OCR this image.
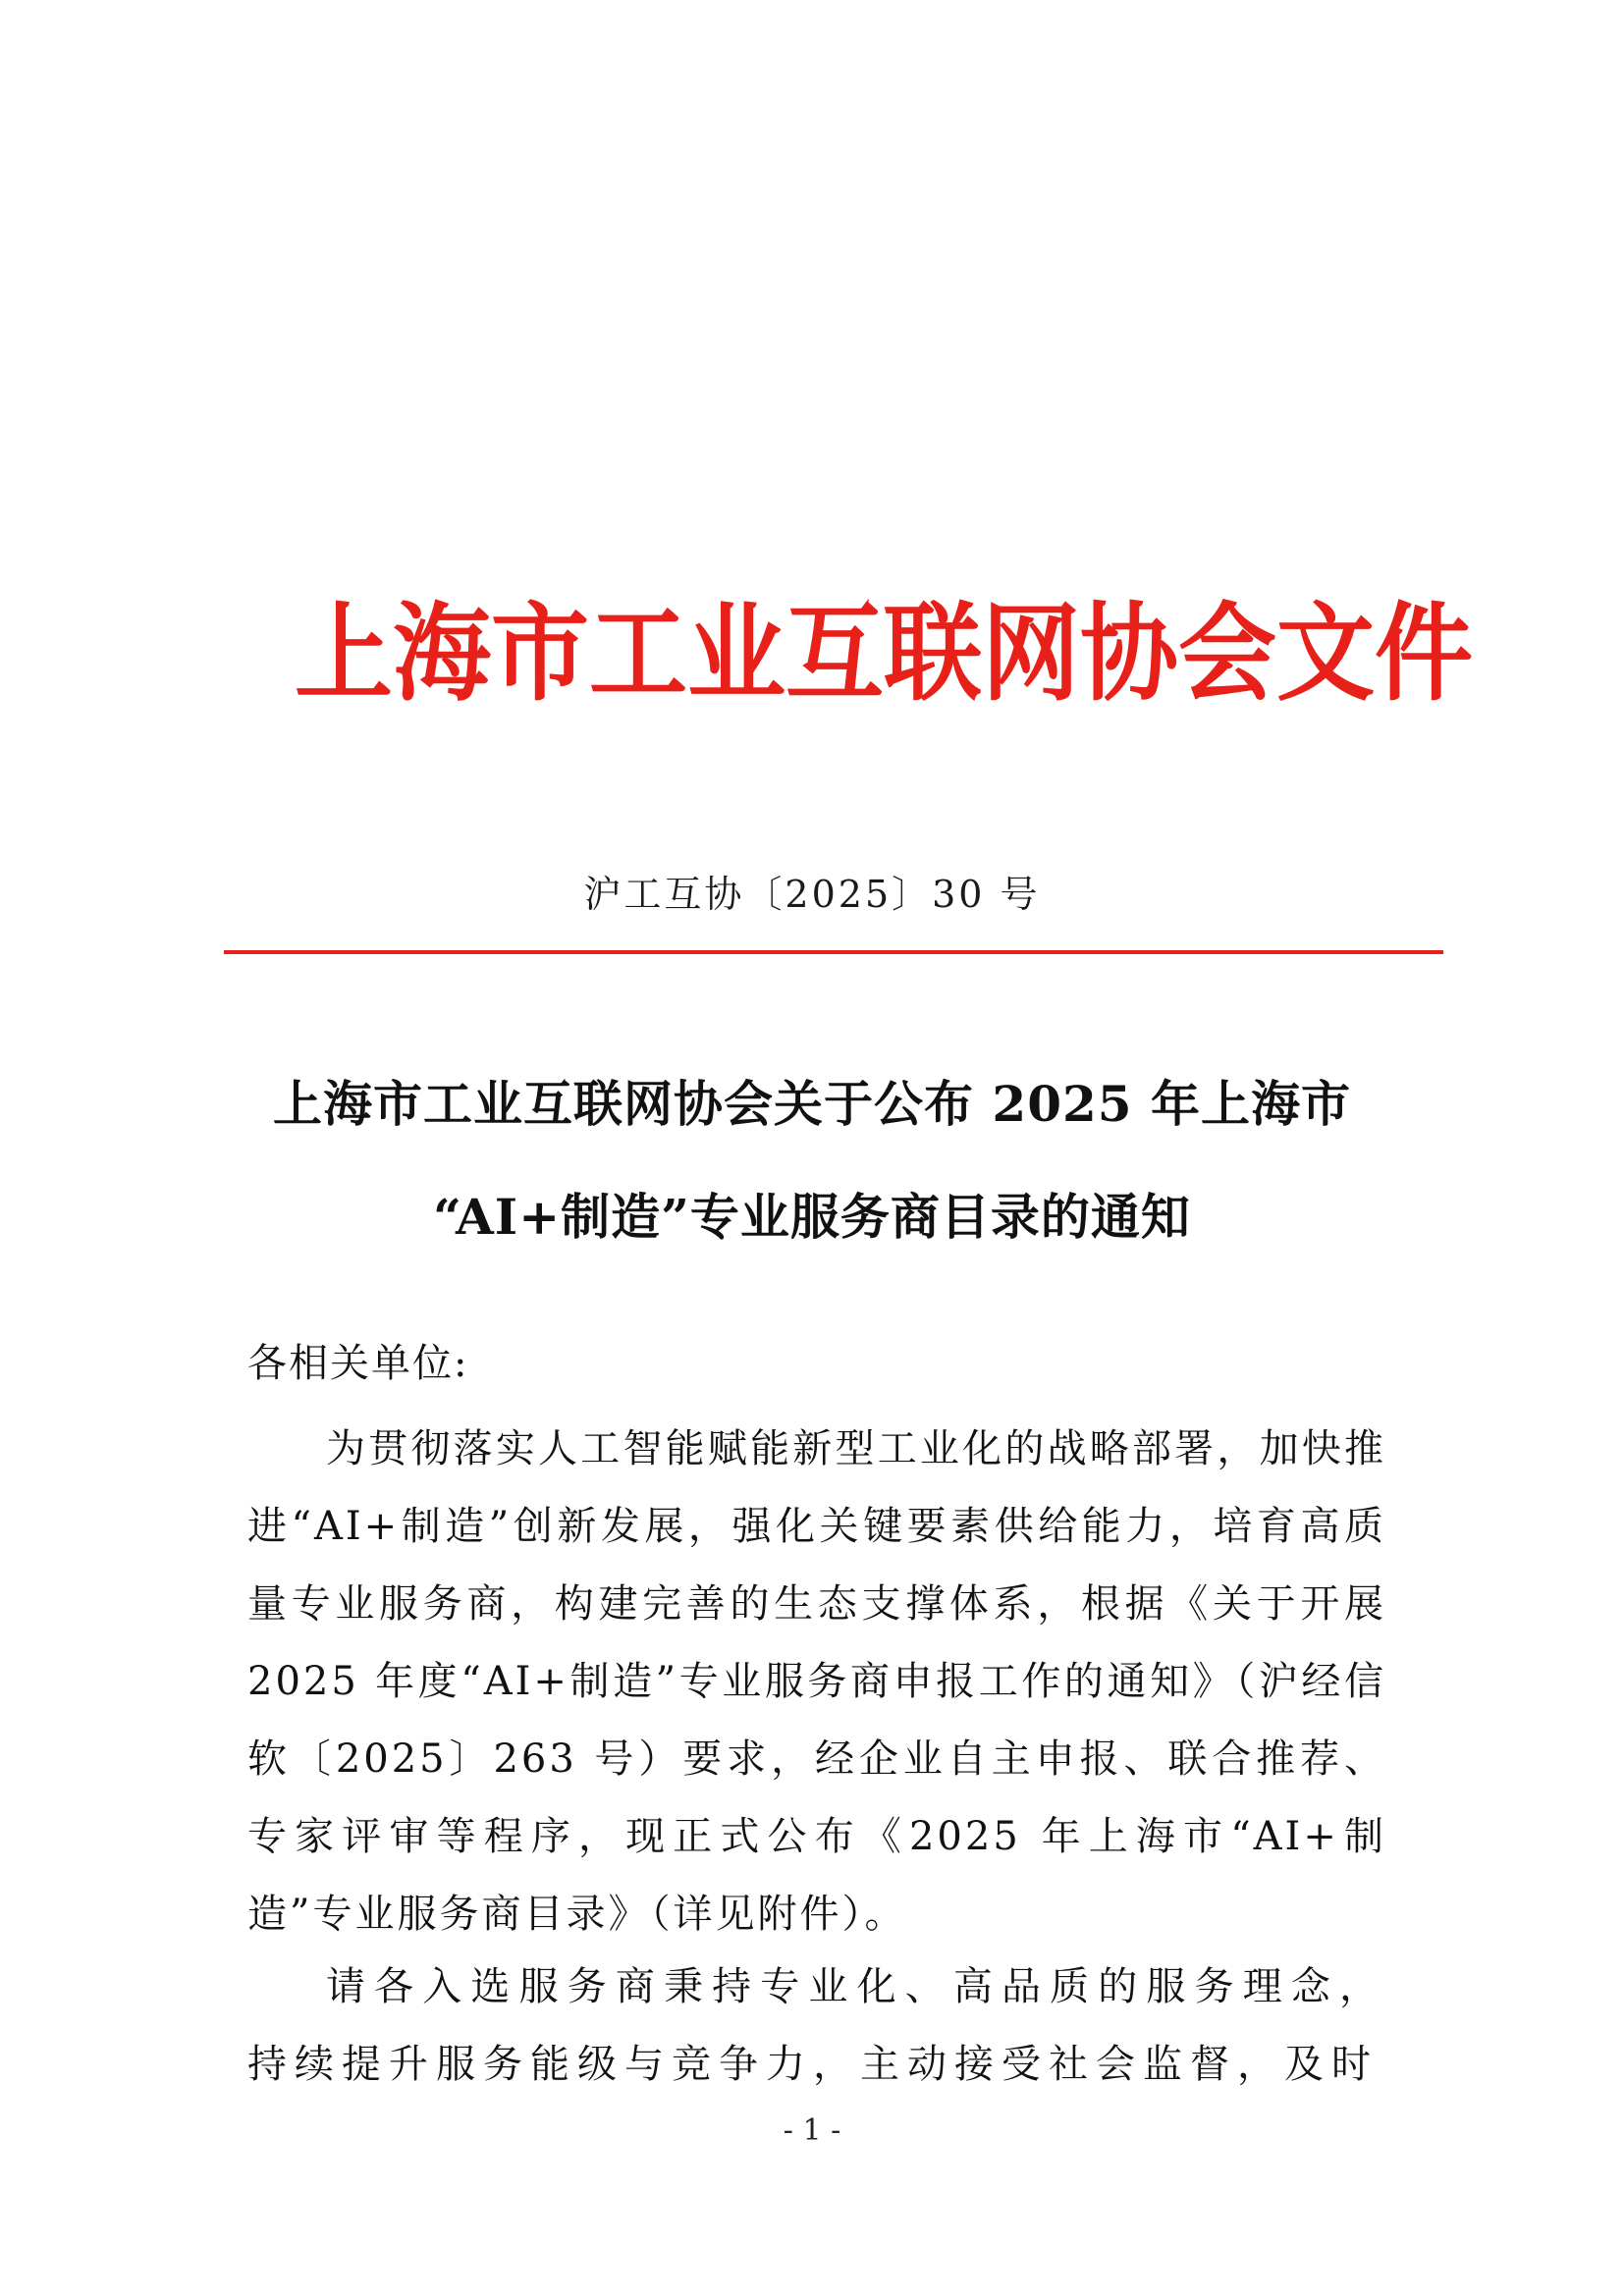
上 海 市 工 业 互 联 网 协 会 文 件
沪工互协〔2025〕30 号
上海市工业互联网协会关于公布 2025 年上海市
“AI+制造”专业服务商目录的通知
各相关单位:
为贯彻落实人工智能赋能新型工业化的战略部署，加快推进“AI+制造”创新发展，强化关键要素供给能力，培育高质量专业服务商，构建完善的生态支撑体系，根据《关于开展 2025 年度“AI+制造”专业服务商申报工作的通知》（沪经信软〔2025〕263 号）要求，经企业自主申报、联合推荐、专家评审等程序，现正式公布《2025 年上海市“AI+制造”专业服务商目录》（详见附件）。
请各入选服务商秉持专业化、高品质的服务理念，持续提升服务能级与竞争力，主动接受社会监督，及时
- 1 -
